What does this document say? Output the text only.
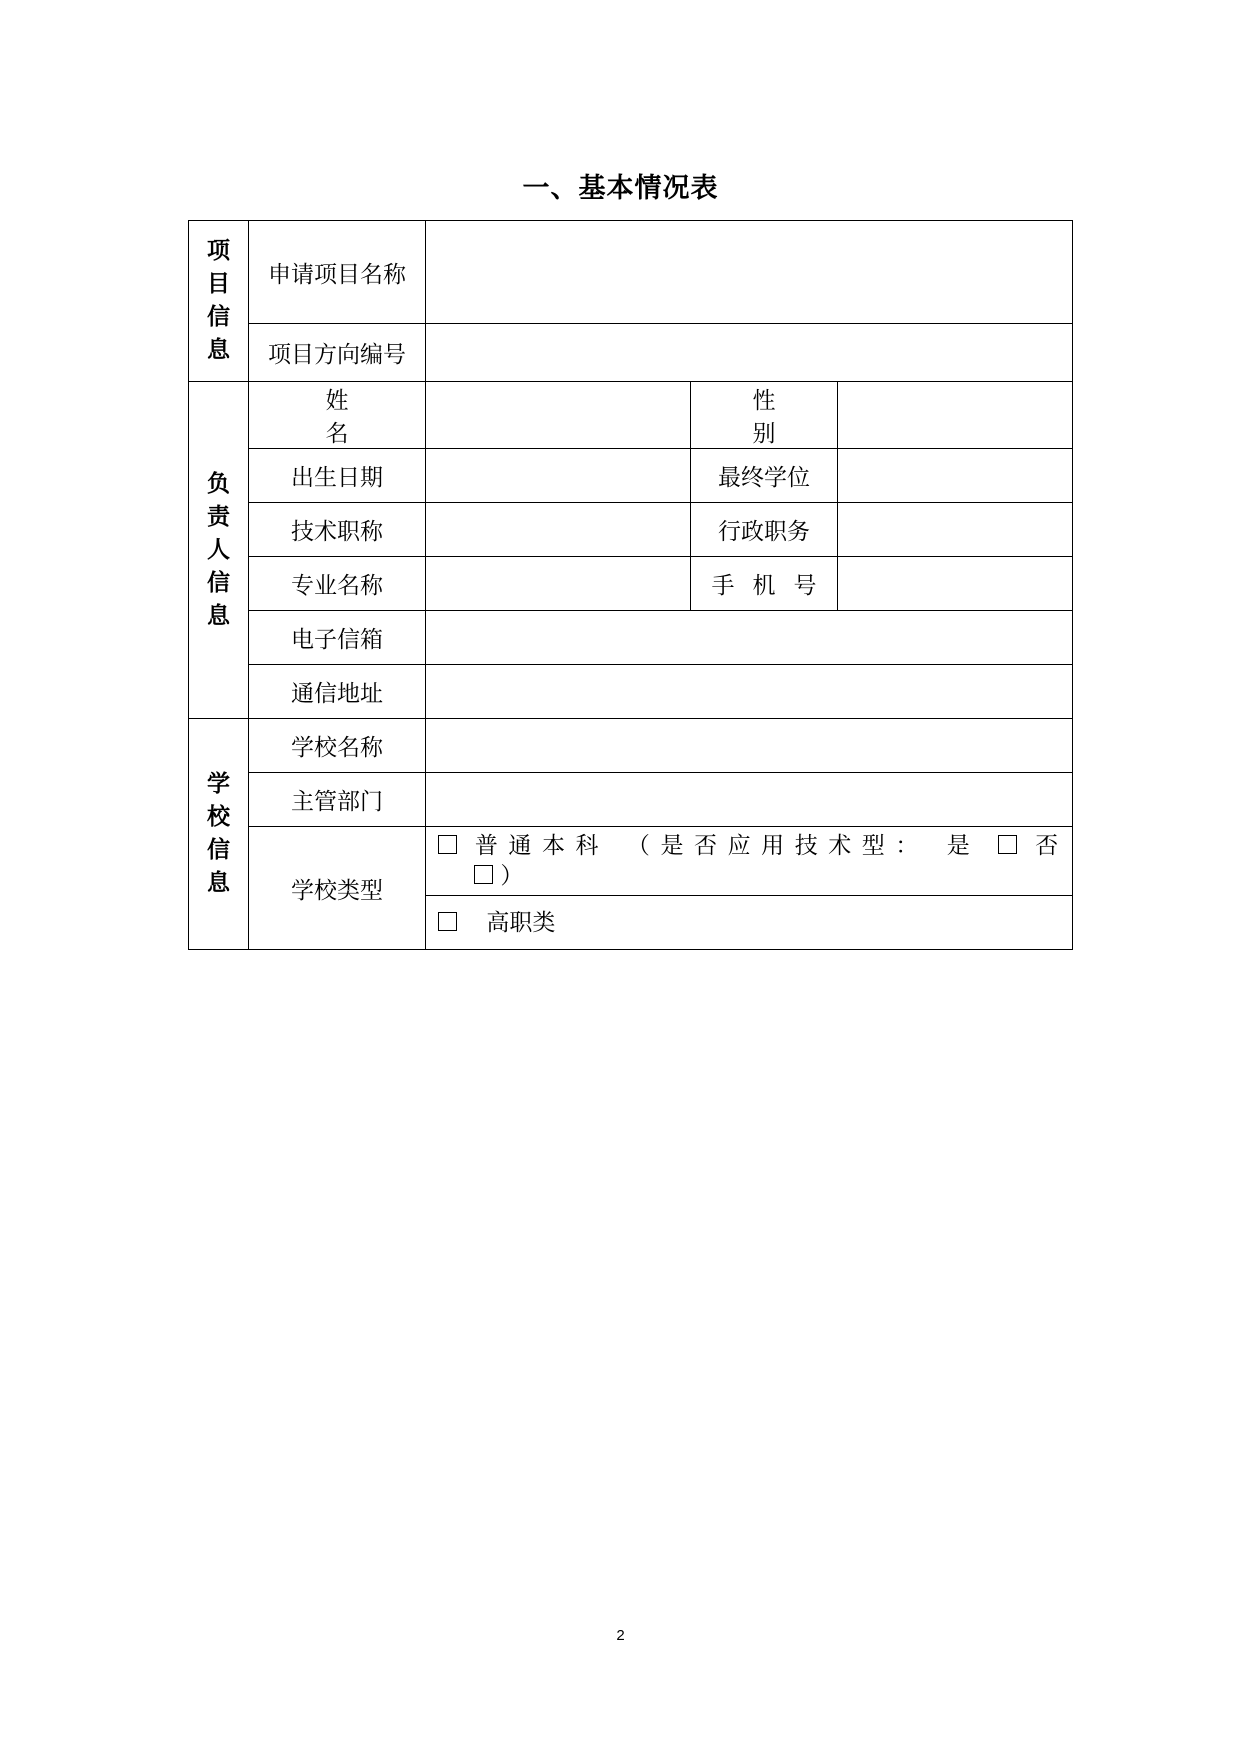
一、基本情况表
项
目
信
息	申请项目名称			
	项目方向编号			

负
责
人
信
息	姓名		性别	
	出生日期		最终学位	
	技术职称		行政职务	
	专业名称		手机号	
	电子信箱			
	通信地址			

学
校
信
息	学校名称			
	主管部门			
	学校类型	普通本科 （是否应用技术型： 是 否
）		

		高职类		
2
